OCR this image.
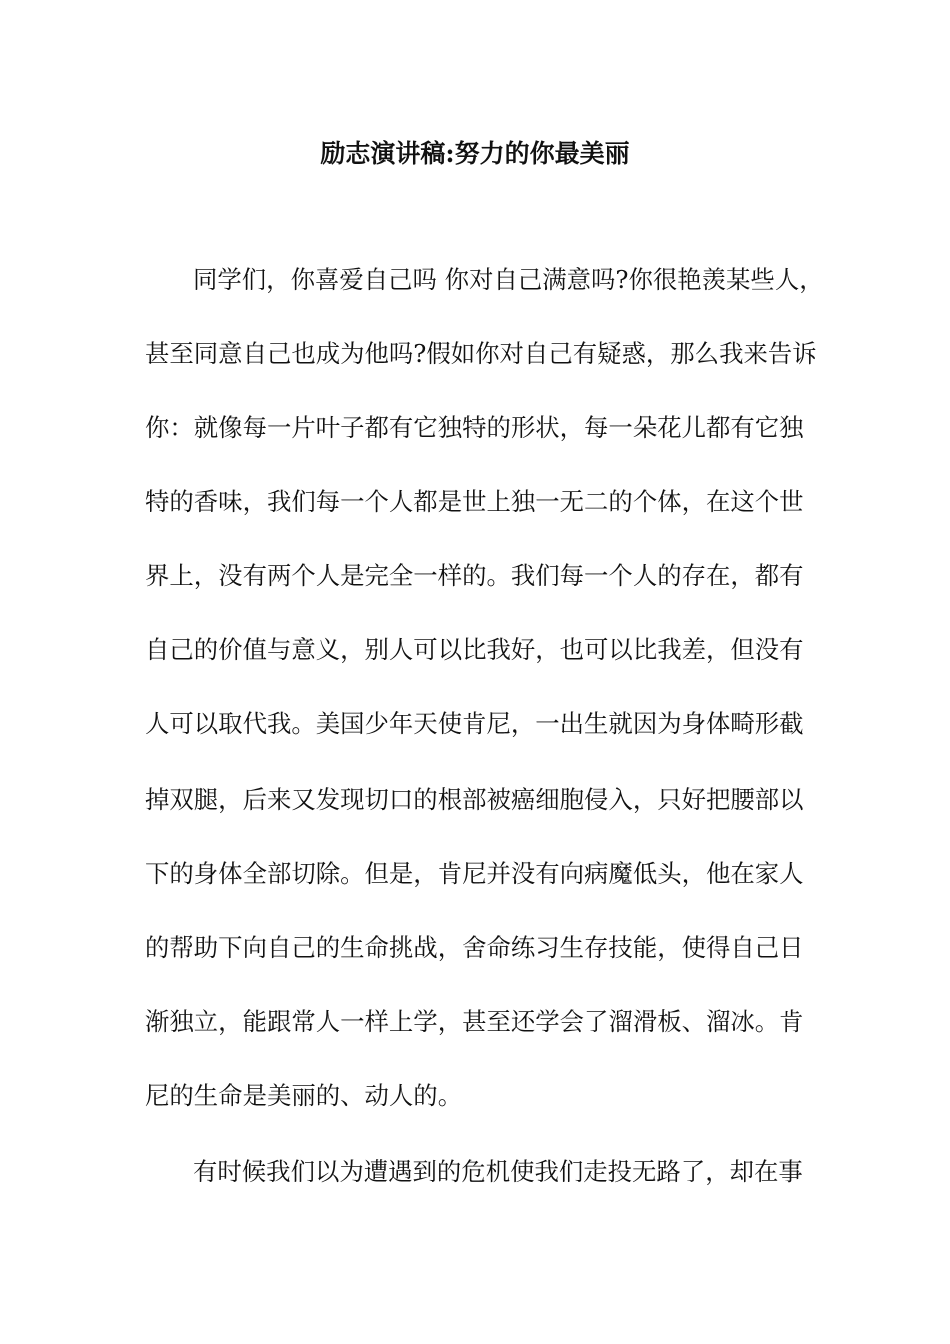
励志演讲稿:努力的你最美丽
同学们，你喜爱自己吗 你对自己满意吗?你很艳羡某些人，
甚至同意自己也成为他吗?假如你对自己有疑惑，那么我来告诉
你：就像每一片叶子都有它独特的形状，每一朵花儿都有它独
特的香味，我们每一个人都是世上独一无二的个体，在这个世
界上，没有两个人是完全一样的。我们每一个人的存在，都有
自己的价值与意义，别人可以比我好，也可以比我差，但没有
人可以取代我。美国少年天使肯尼，一出生就因为身体畸形截
掉双腿，后来又发现切口的根部被癌细胞侵入，只好把腰部以
下的身体全部切除。但是，肯尼并没有向病魔低头，他在家人
的帮助下向自己的生命挑战，舍命练习生存技能，使得自己日
渐独立，能跟常人一样上学，甚至还学会了溜滑板、溜冰。肯
尼的生命是美丽的、动人的。
有时候我们以为遭遇到的危机使我们走投无路了，却在事
